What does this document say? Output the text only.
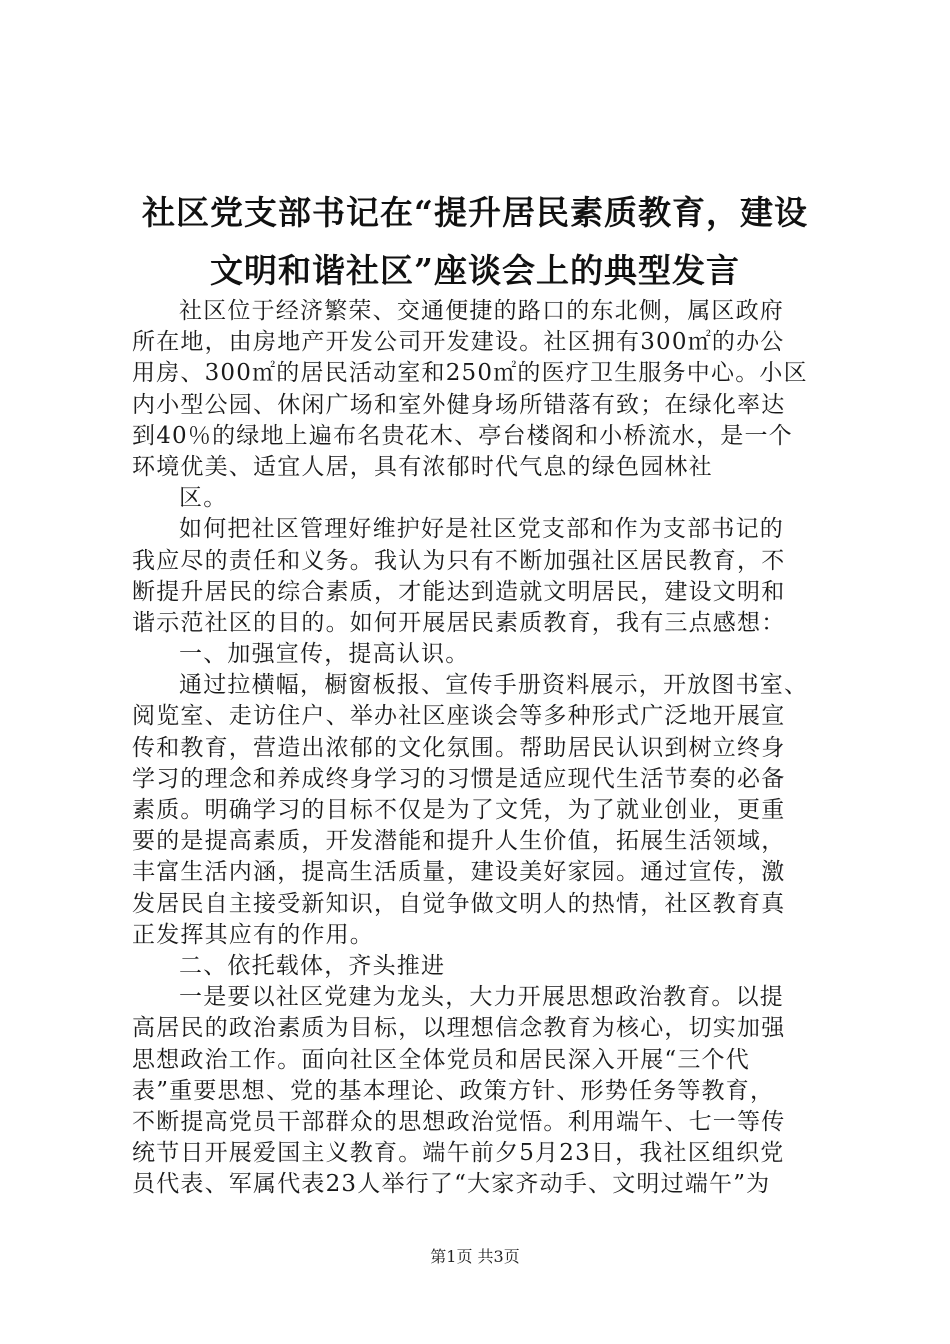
社区党支部书记在“提升居民素质教育，建设
文明和谐社区”座谈会上的典型发言
社区位于经济繁荣、交通便捷的路口的东北侧，属区政府
所在地，由房地产开发公司开发建设。社区拥有300㎡的办公
用房、300㎡的居民活动室和250㎡的医疗卫生服务中心。小区
内小型公园、休闲广场和室外健身场所错落有致；在绿化率达
到40％的绿地上遍布名贵花木、亭台楼阁和小桥流水，是一个
环境优美、适宜人居，具有浓郁时代气息的绿色园林社
区。
如何把社区管理好维护好是社区党支部和作为支部书记的
我应尽的责任和义务。我认为只有不断加强社区居民教育，不
断提升居民的综合素质，才能达到造就文明居民，建设文明和
谐示范社区的目的。如何开展居民素质教育，我有三点感想：
一、加强宣传，提高认识。
通过拉横幅，橱窗板报、宣传手册资料展示，开放图书室、
阅览室、走访住户、举办社区座谈会等多种形式广泛地开展宣
传和教育，营造出浓郁的文化氛围。帮助居民认识到树立终身
学习的理念和养成终身学习的习惯是适应现代生活节奏的必备
素质。明确学习的目标不仅是为了文凭，为了就业创业，更重
要的是提高素质，开发潜能和提升人生价值，拓展生活领域，
丰富生活内涵，提高生活质量，建设美好家园。通过宣传，激
发居民自主接受新知识，自觉争做文明人的热情，社区教育真
正发挥其应有的作用。
二、依托载体，齐头推进
一是要以社区党建为龙头，大力开展思想政治教育。以提
高居民的政治素质为目标，以理想信念教育为核心，切实加强
思想政治工作。面向社区全体党员和居民深入开展“三个代
表”重要思想、党的基本理论、政策方针、形势任务等教育，
不断提高党员干部群众的思想政治觉悟。利用端午、七一等传
统节日开展爱国主义教育。端午前夕5月23日，我社区组织党
员代表、军属代表23人举行了“大家齐动手、文明过端午”为
第1页 共3页
